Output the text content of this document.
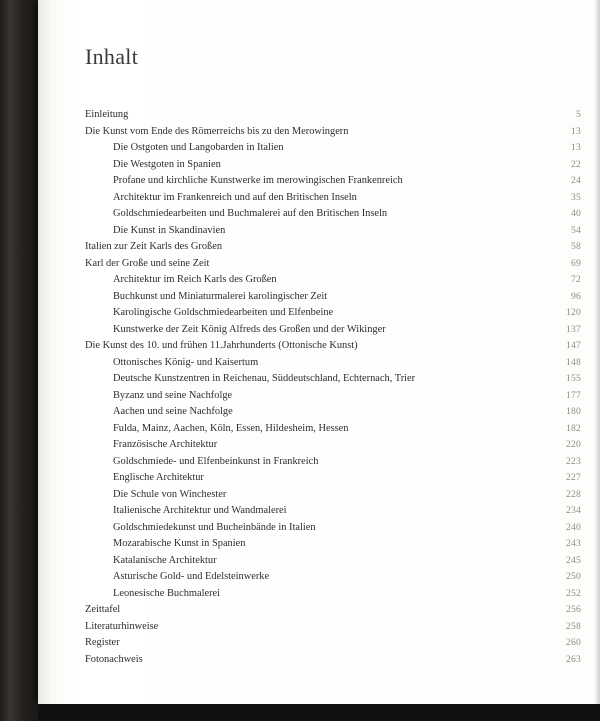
Inhalt
Einleitung	5
Die Kunst vom Ende des Römerreichs bis zu den Merowingern	13
Die Ostgoten und Langobarden in Italien	13
Die Westgoten in Spanien	22
Profane und kirchliche Kunstwerke im merowingischen Frankenreich	24
Architektur im Frankenreich und auf den Britischen Inseln	35
Goldschmiedearbeiten und Buchmalerei auf den Britischen Inseln	40
Die Kunst in Skandinavien	54
Italien zur Zeit Karls des Großen	58
Karl der Große und seine Zeit	69
Architektur im Reich Karls des Großen	72
Buchkunst und Miniaturmalerei karolingischer Zeit	96
Karolingische Goldschmiedearbeiten und Elfenbeine	120
Kunstwerke der Zeit König Alfreds des Großen und der Wikinger	137
Die Kunst des 10. und frühen 11.Jahrhunderts (Ottonische Kunst)	147
Ottonisches König- und Kaisertum	148
Deutsche Kunstzentren in Reichenau, Süddeutschland, Echternach, Trier	155
Byzanz und seine Nachfolge	177
Aachen und seine Nachfolge	180
Fulda, Mainz, Aachen, Köln, Essen, Hildesheim, Hessen	182
Französische Architektur	220
Goldschmiede- und Elfenbeinkunst in Frankreich	223
Englische Architektur	227
Die Schule von Winchester	228
Italienische Architektur und Wandmalerei	234
Goldschmiedekunst und Bucheinbände in Italien	240
Mozarabische Kunst in Spanien	243
Katalanische Architektur	245
Asturische Gold- und Edelsteinwerke	250
Leonesische Buchmalerei	252
Zeittafel	256
Literaturhinweise	258
Register	260
Fotonachweis	263
